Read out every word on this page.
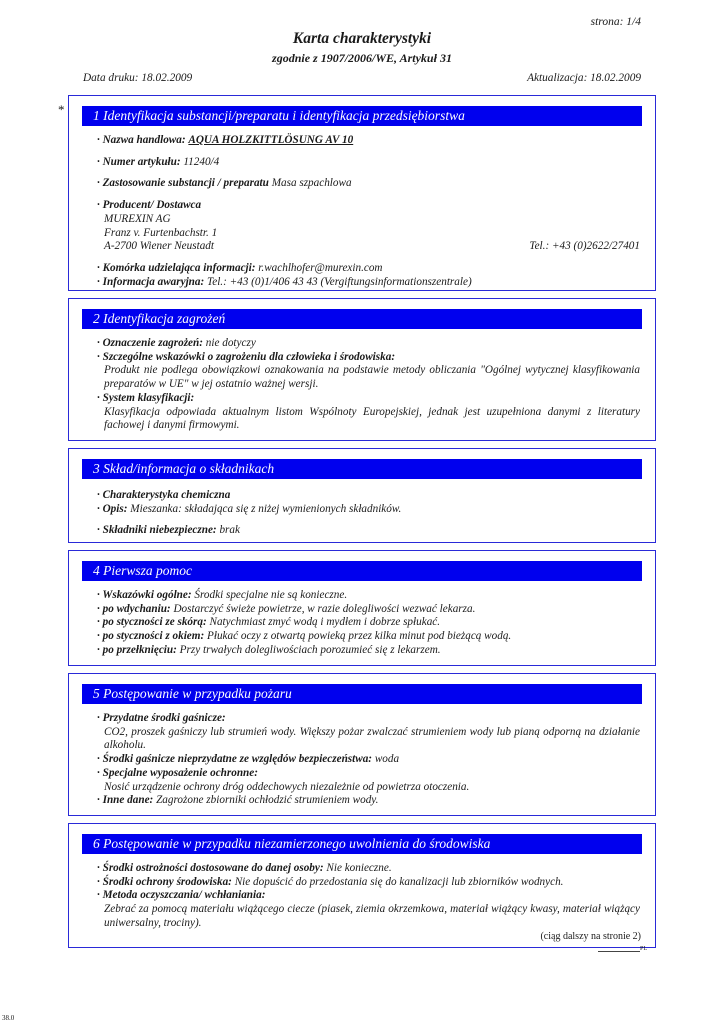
strona: 1/4
Karta charakterystyki
zgodnie z 1907/2006/WE, Artykuł 31
Data druku: 18.02.2009	Aktualizacja: 18.02.2009
*	1 Identyfikacja substancji/preparatu i identyfikacja przedsiębiorstwa
· Nazwa handlowa: AQUA HOLZKITTLÖSUNG AV 10
· Numer artykułu: 11240/4
· Zastosowanie substancji / preparatu Masa szpachlowa
· Producent/ Dostawca
MUREXIN AG
Franz v. Furtenbachstr. 1
A-2700 Wiener Neustadt	Tel.: +43 (0)2622/27401
· Komórka udzielająca informacji: r.wachlhofer@murexin.com
· Informacja awaryjna: Tel.: +43 (0)1/406 43 43 (Vergiftungsinformationszentrale)
2 Identyfikacja zagrożeń
· Oznaczenie zagrożeń: nie dotyczy
· Szczególne wskazówki o zagrożeniu dla człowieka i środowiska:
Produkt nie podlega obowiązkowi oznakowania na podstawie metody obliczania "Ogólnej wytycznej klasyfikowania preparatów w UE" w jej ostatnio ważnej wersji.
· System klasyfikacji:
Klasyfikacja odpowiada aktualnym listom Wspólnoty Europejskiej, jednak jest uzupełniona danymi z literatury fachowej i danymi firmowymi.
3 Skład/informacja o składnikach
· Charakterystyka chemiczna
· Opis: Mieszanka: składająca się z niżej wymienionych składników.
· Składniki niebezpieczne: brak
4 Pierwsza pomoc
· Wskazówki ogólne: Środki specjalne nie są konieczne.
· po wdychaniu: Dostarczyć świeże powietrze, w razie dolegliwości wezwać lekarza.
· po styczności ze skórą: Natychmiast zmyć wodą i mydłem i dobrze spłukać.
· po styczności z okiem: Płukać oczy z otwartą powieką przez kilka minut pod bieżącą wodą.
· po przełknięciu: Przy trwałych dolegliwościach porozumieć się z lekarzem.
5 Postępowanie w przypadku pożaru
· Przydatne środki gaśnicze:
CO2, proszek gaśniczy lub strumień wody. Większy pożar zwalczać strumieniem wody lub pianą odporną na działanie alkoholu.
· Środki gaśnicze nieprzydatne ze względów bezpieczeństwa: woda
· Specjalne wyposażenie ochronne:
Nosić urządzenie ochrony dróg oddechowych niezależnie od powietrza otoczenia.
· Inne dane: Zagrożone zbiorniki ochłodzić strumieniem wody.
6 Postępowanie w przypadku niezamierzonego uwolnienia do środowiska
· Środki ostrożności dostosowane do danej osoby: Nie konieczne.
· Środki ochrony środowiska: Nie dopuścić do przedostania się do kanalizacji lub zbiorników wodnych.
· Metoda oczyszczania/ wchłaniania:
Zebrać za pomocą materiału wiążącego ciecze (piasek, ziemia okrzemkowa, materiał wiążący kwasy, materiał wiążący uniwersalny, trociny).
(ciąg dalszy na stronie 2)
PL
38.0
